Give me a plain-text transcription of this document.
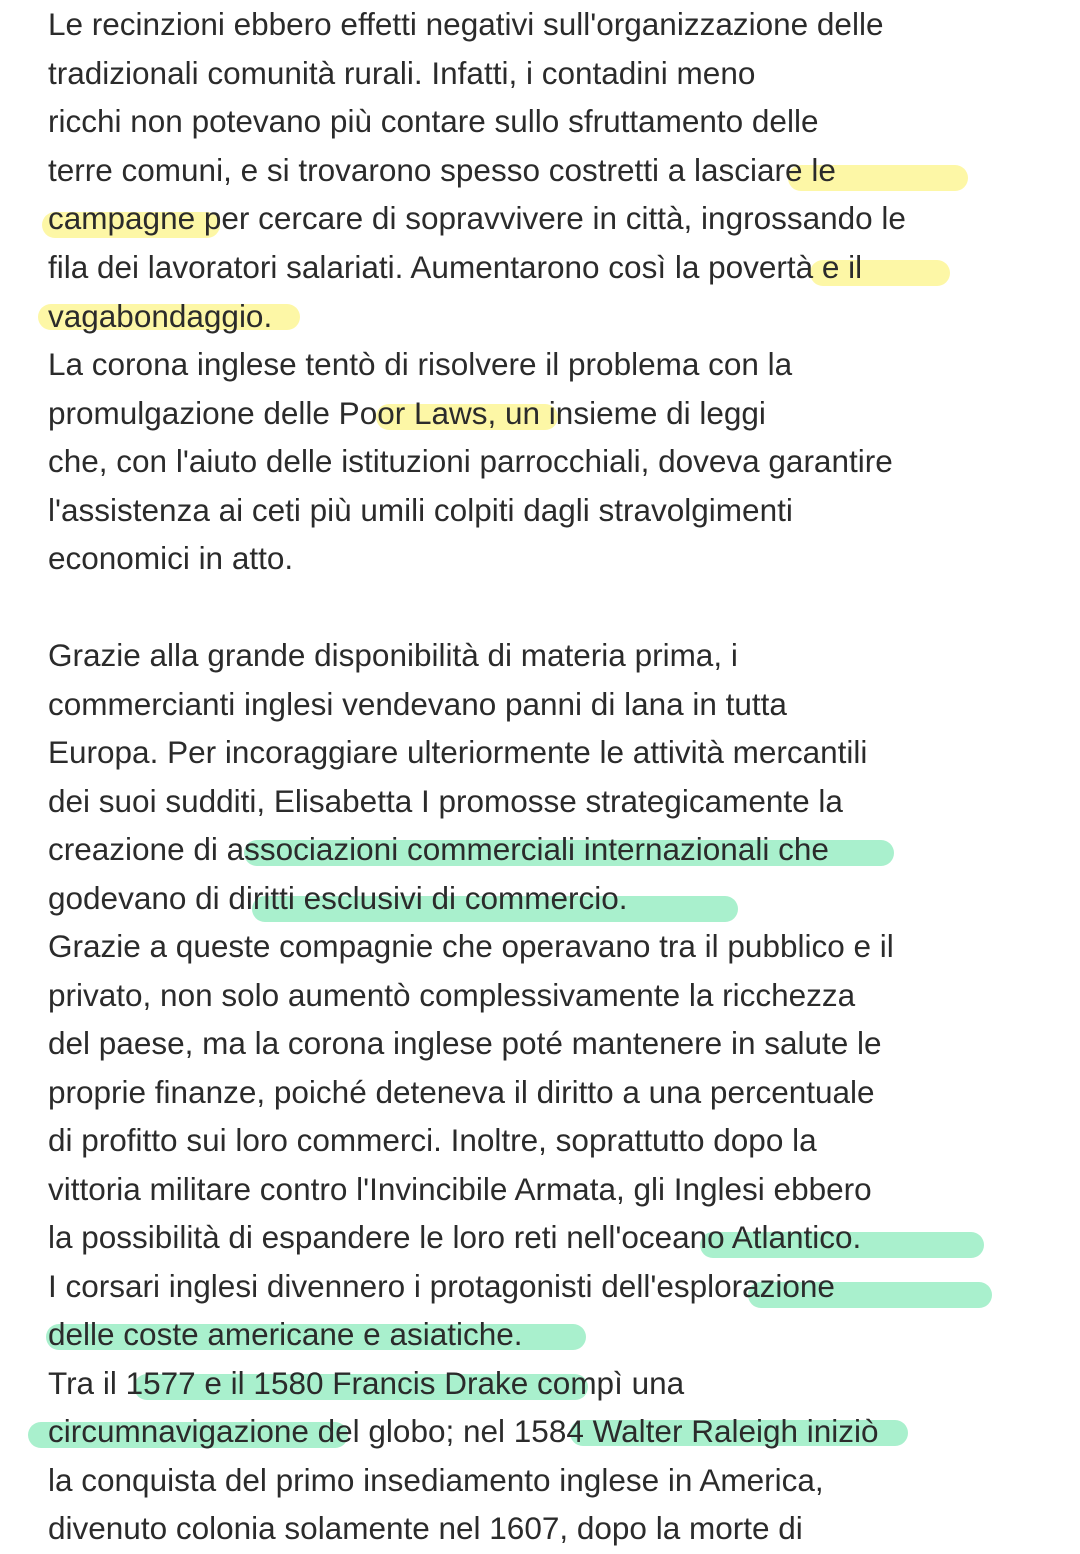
Le recinzioni ebbero effetti negativi sull'organizzazione delle
tradizionali comunità rurali. Infatti, i contadini meno
ricchi non potevano più contare sullo sfruttamento delle
terre comuni, e si trovarono spesso costretti a lasciare le
campagne per cercare di sopravvivere in città, ingrossando le
fila dei lavoratori salariati. Aumentarono così la povertà e il
vagabondaggio.
La corona inglese tentò di risolvere il problema con la
promulgazione delle Poor Laws, un insieme di leggi
che, con l'aiuto delle istituzioni parrocchiali, doveva garantire
l'assistenza ai ceti più umili colpiti dagli stravolgimenti
economici in atto.
Grazie alla grande disponibilità di materia prima, i
commercianti inglesi vendevano panni di lana in tutta
Europa. Per incoraggiare ulteriormente le attività mercantili
dei suoi sudditi, Elisabetta I promosse strategicamente la
creazione di associazioni commerciali internazionali che
godevano di diritti esclusivi di commercio.
Grazie a queste compagnie che operavano tra il pubblico e il
privato, non solo aumentò complessivamente la ricchezza
del paese, ma la corona inglese poté mantenere in salute le
proprie finanze, poiché deteneva il diritto a una percentuale
di profitto sui loro commerci. Inoltre, soprattutto dopo la
vittoria militare contro l'Invincibile Armata, gli Inglesi ebbero
la possibilità di espandere le loro reti nell'oceano Atlantico.
I corsari inglesi divennero i protagonisti dell'esplorazione
delle coste americane e asiatiche.
Tra il 1577 e il 1580 Francis Drake compì una
circumnavigazione del globo; nel 1584 Walter Raleigh iniziò
la conquista del primo insediamento inglese in America,
divenuto colonia solamente nel 1607, dopo la morte di
